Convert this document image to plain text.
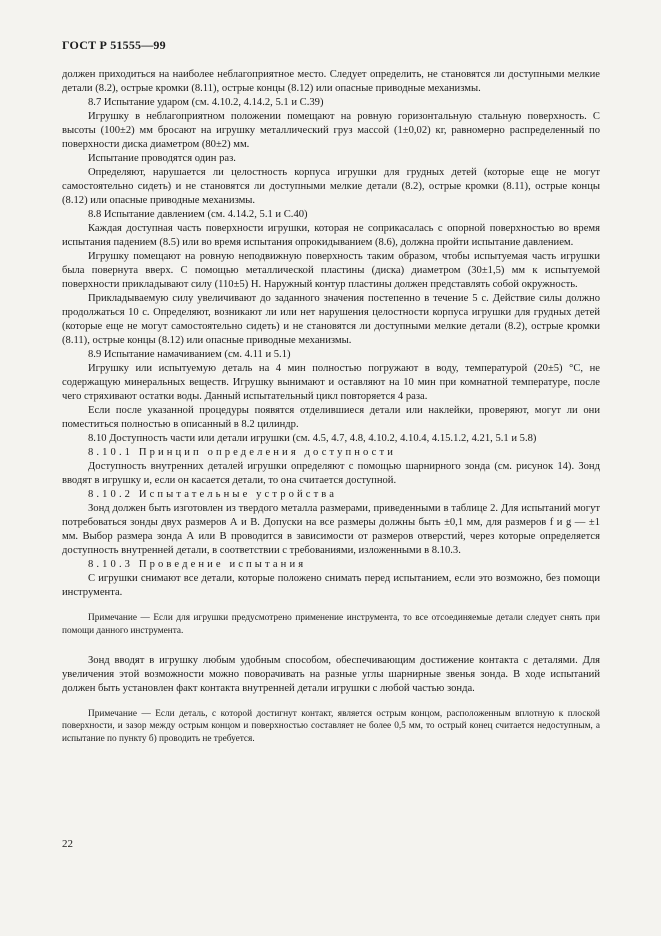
ГОСТ Р 51555—99

должен приходиться на наиболее неблагоприятное место. Следует определить, не становятся ли доступными мелкие детали (8.2), острые кромки (8.11), острые концы (8.12) или опасные приводные механизмы.

8.7 Испытание ударом (см. 4.10.2, 4.14.2, 5.1 и С.39)

Игрушку в неблагоприятном положении помещают на ровную горизонтальную стальную поверхность. С высоты (100±2) мм бросают на игрушку металлический груз массой (1±0,02) кг, равномерно распределенный по поверхности диска диаметром (80±2) мм.

Испытание проводятся один раз.

Определяют, нарушается ли целостность корпуса игрушки для грудных детей (которые еще не могут самостоятельно сидеть) и не становятся ли доступными мелкие детали (8.2), острые кромки (8.11), острые концы (8.12) или опасные приводные механизмы.

8.8 Испытание давлением (см. 4.14.2, 5.1 и С.40)

Каждая доступная часть поверхности игрушки, которая не соприкасалась с опорной поверхностью во время испытания падением (8.5) или во время испытания опрокидыванием (8.6), должна пройти испытание давлением.

Игрушку помещают на ровную неподвижную поверхность таким образом, чтобы испытуемая часть игрушки была повернута вверх. С помощью металлической пластины (диска) диаметром (30±1,5) мм к испытуемой поверхности прикладывают силу (110±5) Н. Наружный контур пластины должен представлять собой окружность.

Прикладываемую силу увеличивают до заданного значения постепенно в течение 5 с. Действие силы должно продолжаться 10 с. Определяют, возникают ли или нет нарушения целостности корпуса игрушки для грудных детей (которые еще не могут самостоятельно сидеть) и не становятся ли доступными мелкие детали (8.2), острые кромки (8.11), острые концы (8.12) или опасные приводные механизмы.

8.9 Испытание намачиванием (см. 4.11 и 5.1)

Игрушку или испытуемую деталь на 4 мин полностью погружают в воду, температурой (20±5) °С, не содержащую минеральных веществ. Игрушку вынимают и оставляют на 10 мин при комнатной температуре, после чего стряхивают остатки воды. Данный испытательный цикл повторяется 4 раза.

Если после указанной процедуры появятся отделившиеся детали или наклейки, проверяют, могут ли они поместиться полностью в описанный в 8.2 цилиндр.

8.10 Доступность части или детали игрушки (см. 4.5, 4.7, 4.8, 4.10.2, 4.10.4, 4.15.1.2, 4.21, 5.1 и 5.8)

8.10.1 Принцип определения доступности

Доступность внутренних деталей игрушки определяют с помощью шарнирного зонда (см. рисунок 14). Зонд вводят в игрушку и, если он касается детали, то она считается доступной.

8.10.2 Испытательные устройства

Зонд должен быть изготовлен из твердого металла размерами, приведенными в таблице 2. Для испытаний могут потребоваться зонды двух размеров А и В. Допуски на все размеры должны быть ±0,1 мм, для размеров f и g — ±1 мм. Выбор размера зонда А или В проводится в зависимости от размеров отверстий, через которые определяется доступность внутренней детали, в соответствии с требованиями, изложенными в 8.10.3.

8.10.3 Проведение испытания

С игрушки снимают все детали, которые положено снимать перед испытанием, если это возможно, без помощи инструмента.

Примечание — Если для игрушки предусмотрено применение инструмента, то все отсоединяемые детали следует снять при помощи данного инструмента.

Зонд вводят в игрушку любым удобным способом, обеспечивающим достижение контакта с деталями. Для увеличения этой возможности можно поворачивать на разные углы шарнирные звенья зонда. В ходе испытаний должен быть установлен факт контакта внутренней детали игрушки с любой частью зонда.

Примечание — Если деталь, с которой достигнут контакт, является острым концом, расположенным вплотную к плоской поверхности, и зазор между острым концом и поверхностью составляет не более 0,5 мм, то острый конец считается недоступным, а испытание по пункту б) проводить не требуется.

22
